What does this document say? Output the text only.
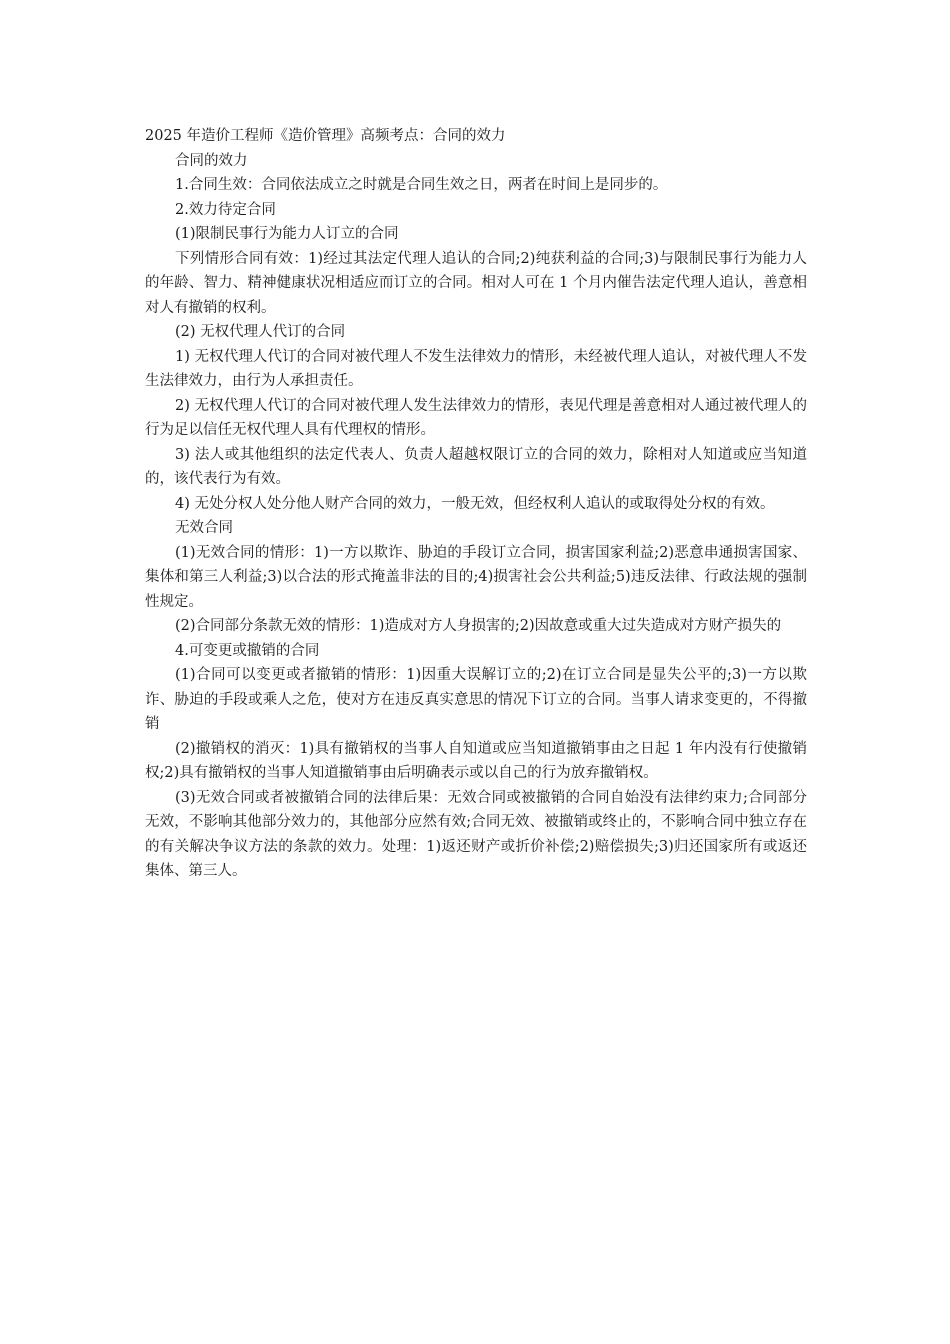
2025 年造价工程师《造价管理》高频考点：合同的效力

合同的效力

1.合同生效：合同依法成立之时就是合同生效之日，两者在时间上是同步的。

2.效力待定合同

(1)限制民事行为能力人订立的合同

下列情形合同有效：1)经过其法定代理人追认的合同;2)纯获利益的合同;3)与限制民事行为能力人的年龄、智力、精神健康状况相适应而订立的合同。相对人可在 1 个月内催告法定代理人追认，善意相对人有撤销的权利。

(2) 无权代理人代订的合同

1) 无权代理人代订的合同对被代理人不发生法律效力的情形，未经被代理人追认，对被代理人不发生法律效力，由行为人承担责任。

2) 无权代理人代订的合同对被代理人发生法律效力的情形，表见代理是善意相对人通过被代理人的行为足以信任无权代理人具有代理权的情形。

3) 法人或其他组织的法定代表人、负责人超越权限订立的合同的效力，除相对人知道或应当知道的，该代表行为有效。

4) 无处分权人处分他人财产合同的效力，一般无效，但经权利人追认的或取得处分权的有效。

无效合同

(1)无效合同的情形：1)一方以欺诈、胁迫的手段订立合同，损害国家利益;2)恶意串通损害国家、集体和第三人利益;3)以合法的形式掩盖非法的目的;4)损害社会公共利益;5)违反法律、行政法规的强制性规定。

(2)合同部分条款无效的情形：1)造成对方人身损害的;2)因故意或重大过失造成对方财产损失的

4.可变更或撤销的合同

(1)合同可以变更或者撤销的情形：1)因重大误解订立的;2)在订立合同是显失公平的;3)一方以欺诈、胁迫的手段或乘人之危，使对方在违反真实意思的情况下订立的合同。当事人请求变更的，不得撤销

(2)撤销权的消灭：1)具有撤销权的当事人自知道或应当知道撤销事由之日起 1 年内没有行使撤销权;2)具有撤销权的当事人知道撤销事由后明确表示或以自己的行为放弃撤销权。

(3)无效合同或者被撤销合同的法律后果：无效合同或被撤销的合同自始没有法律约束力;合同部分无效，不影响其他部分效力的，其他部分应然有效;合同无效、被撤销或终止的，不影响合同中独立存在的有关解决争议方法的条款的效力。处理：1)返还财产或折价补偿;2)赔偿损失;3)归还国家所有或返还集体、第三人。
